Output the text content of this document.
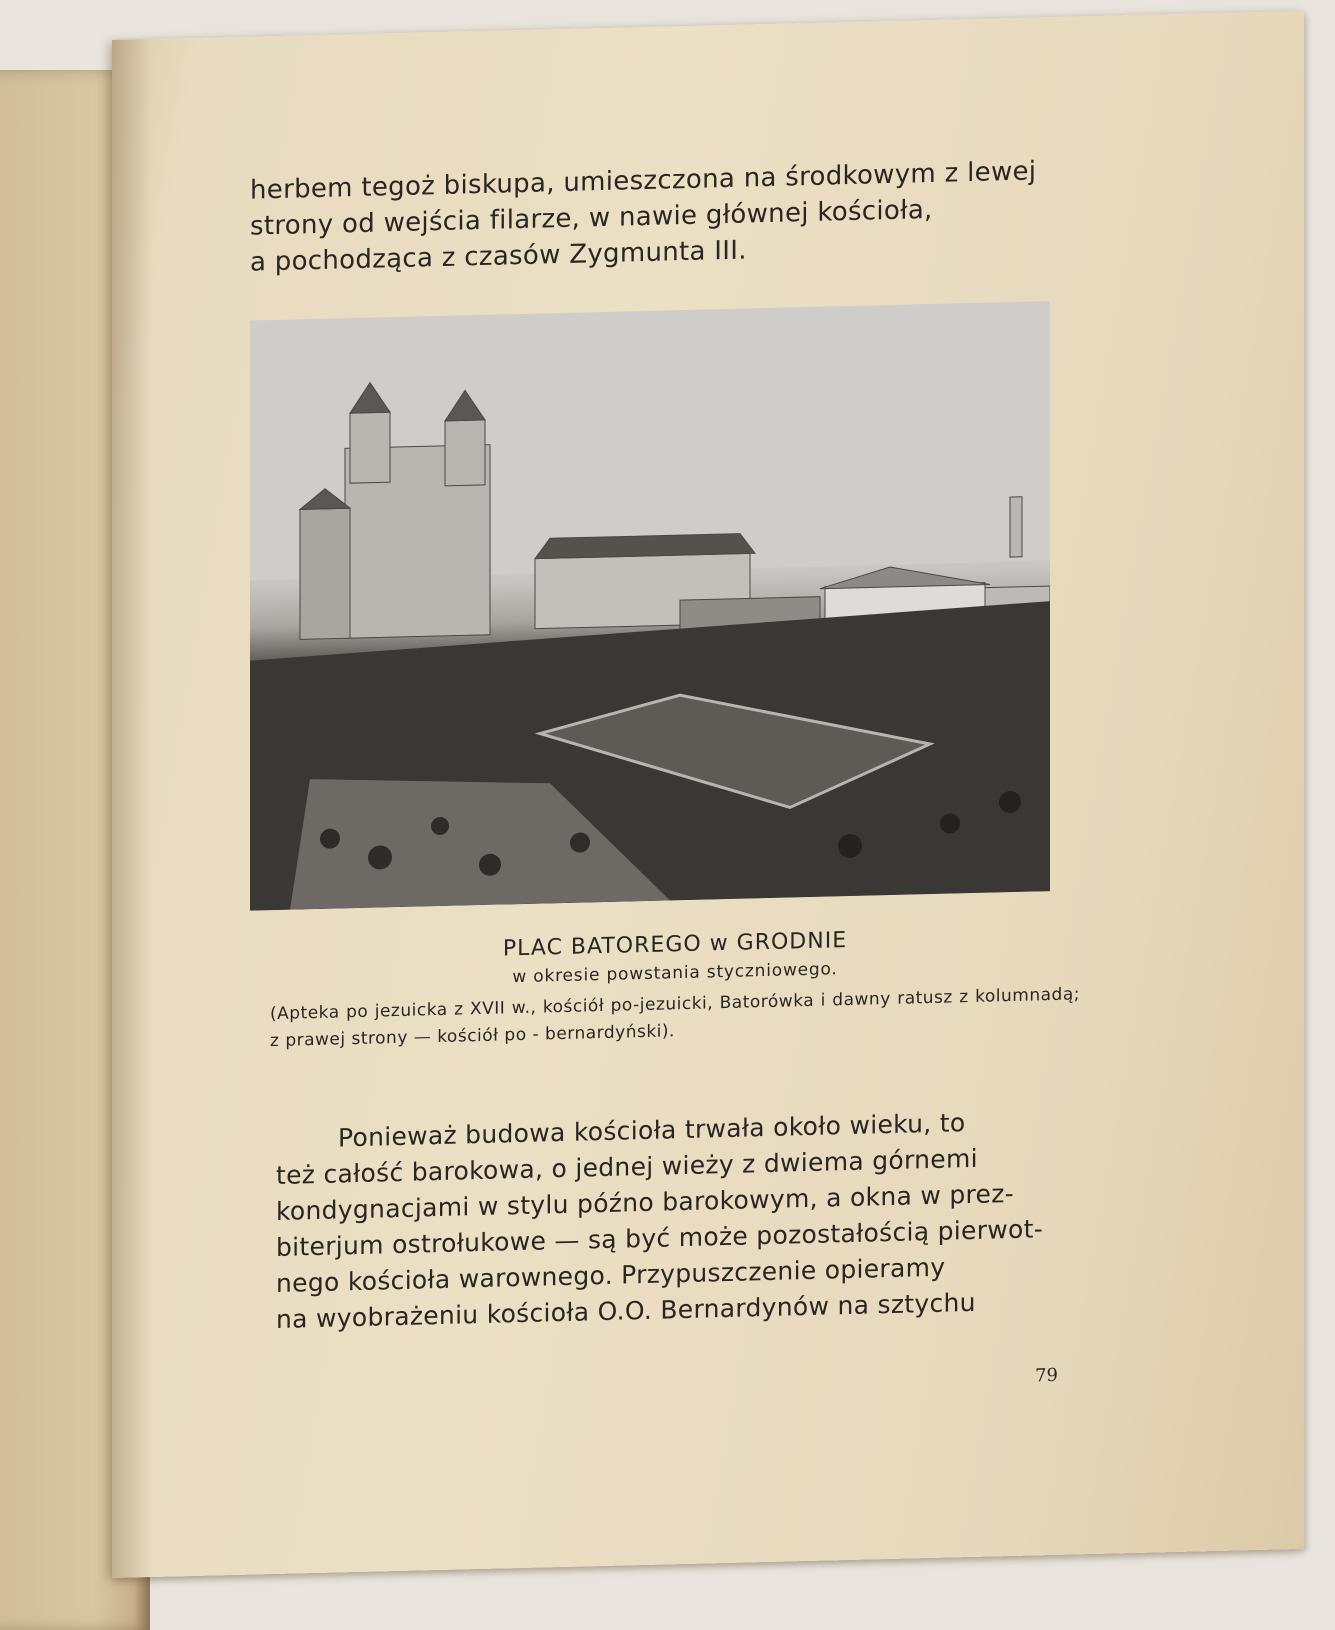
herbem tegoż biskupa, umieszczona na środkowym z lewej
strony od wejścia filarze, w nawie głównej kościoła,
a pochodząca z czasów Zygmunta III.

PLAC BATOREGO w GRODNIE

w okresie powstania styczniowego.

(Apteka po jezuicka z XVII w., kościół po-jezuicki, Batorówka i dawny ratusz z kolumnadą; z prawej strony — kościół po - bernardyński).

Ponieważ budowa kościoła trwała około wieku, to
też całość barokowa, o jednej wieży z dwiema górnemi
kondygnacjami w stylu późno barokowym, a okna w prez-
biterjum ostrołukowe — są być może pozostałością pierwot-
nego kościoła warownego. Przypuszczenie opieramy
na wyobrażeniu kościoła O.O. Bernardynów na sztychu

79
